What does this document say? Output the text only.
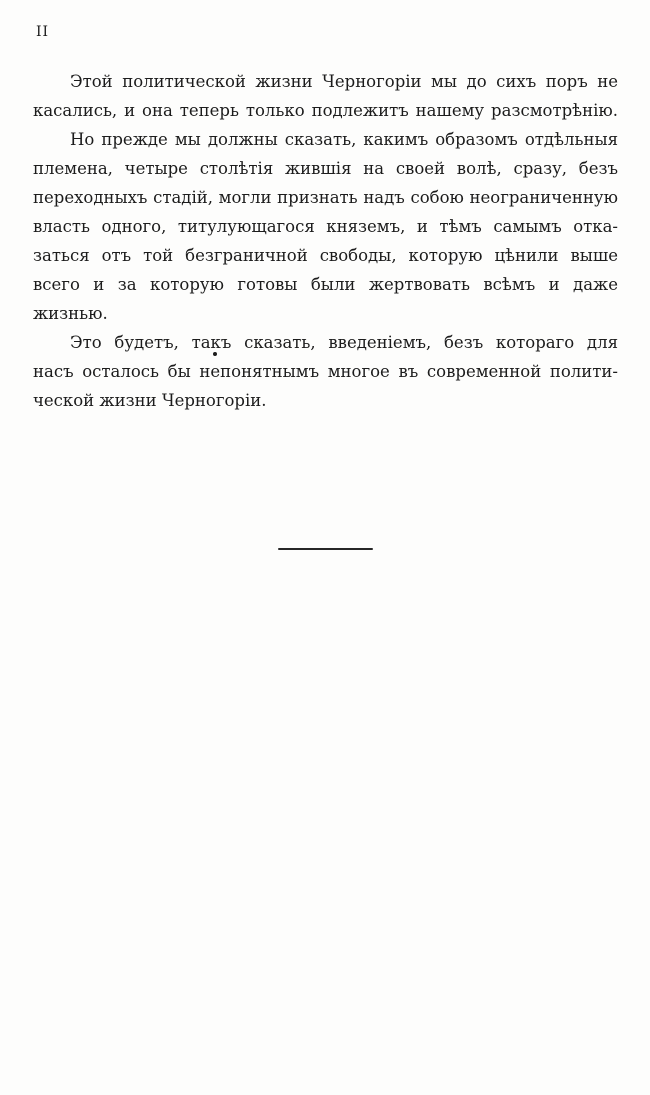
II
Этой политической жизни Черногоріи мы до сихъ поръ не
касались, и она теперь только подлежитъ нашему разсмотрѣнію.
Но прежде мы должны сказать, какимъ образомъ отдѣльныя
племена, четыре столѣтія жившія на своей волѣ, сразу, безъ
переходныхъ стадій, могли признать надъ собою неограниченную
власть одного, титулующагося княземъ, и тѣмъ самымъ отка-
заться отъ той безграничной свободы, которую цѣнили выше
всего и за которую готовы были жертвовать всѣмъ и даже
жизнью.
Это будетъ, такъ сказать, введеніемъ, безъ котораго для
насъ осталось бы непонятнымъ многое въ современной полити-
ческой жизни Черногоріи.
